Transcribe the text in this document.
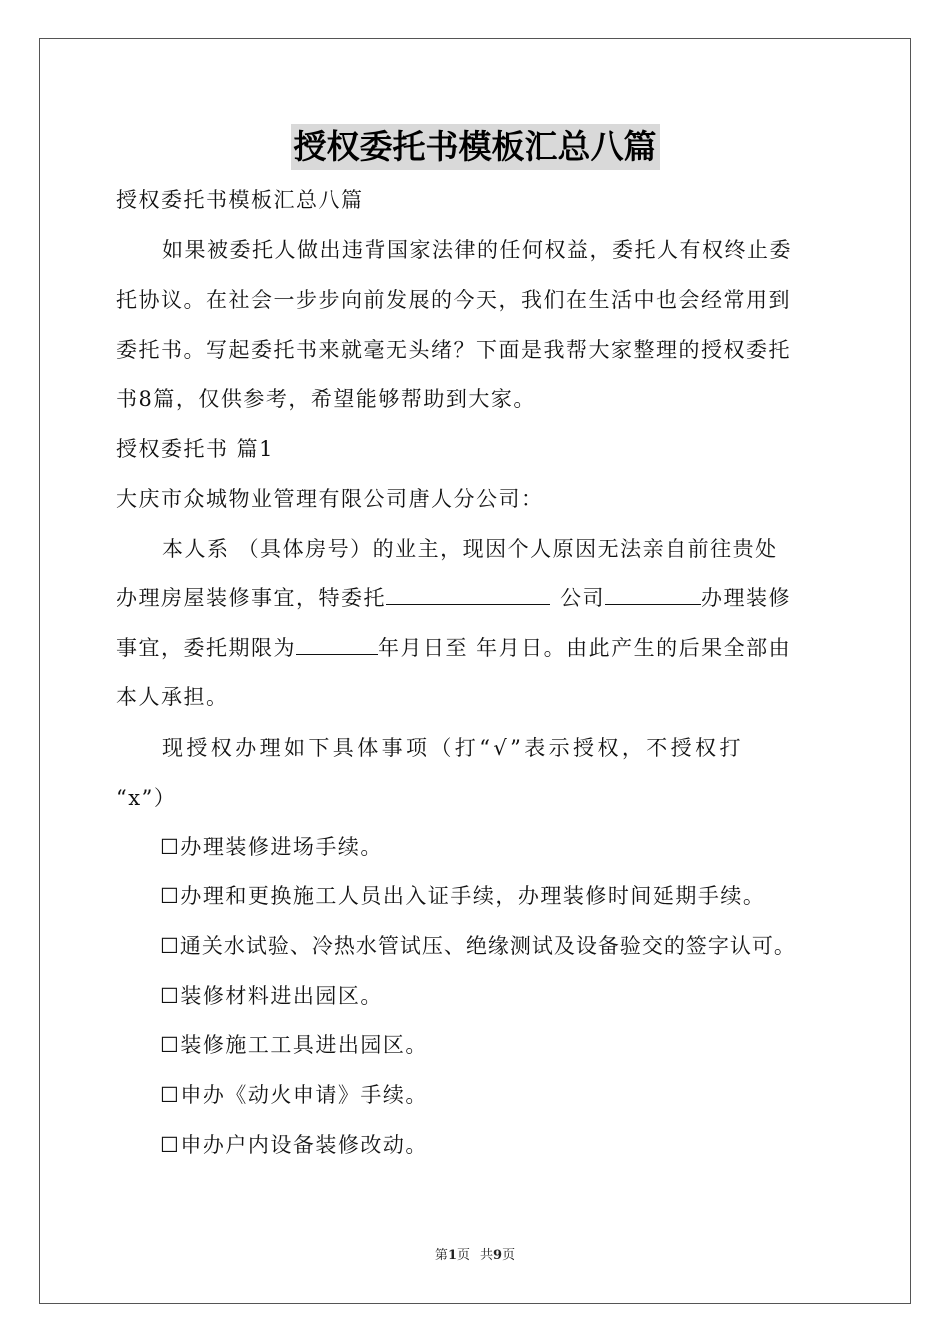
授权委托书模板汇总八篇
授权委托书模板汇总八篇
如果被委托人做出违背国家法律的任何权益，委托人有权终止委
托协议。在社会一步步向前发展的今天，我们在生活中也会经常用到
委托书。写起委托书来就毫无头绪？下面是我帮大家整理的授权委托
书8篇，仅供参考，希望能够帮助到大家。
授权委托书 篇1
大庆市众城物业管理有限公司唐人分公司：
本人系 （具体房号）的业主，现因个人原因无法亲自前往贵处
办理房屋装修事宜，特委托	公司	办理装修
事宜，委托期限为	年月日至 年月日。由此产生的后果全部由
本人承担。
现授权办理如下具体事项（打“√”表示授权，不授权打
“x”）
☐办理装修进场手续。
☐办理和更换施工人员出入证手续，办理装修时间延期手续。
☐通关水试验、冷热水管试压、绝缘测试及设备验交的签字认可。
☐装修材料进出园区。
☐装修施工工具进出园区。
☐申办《动火申请》手续。
☐申办户内设备装修改动。
第1页 共9页
